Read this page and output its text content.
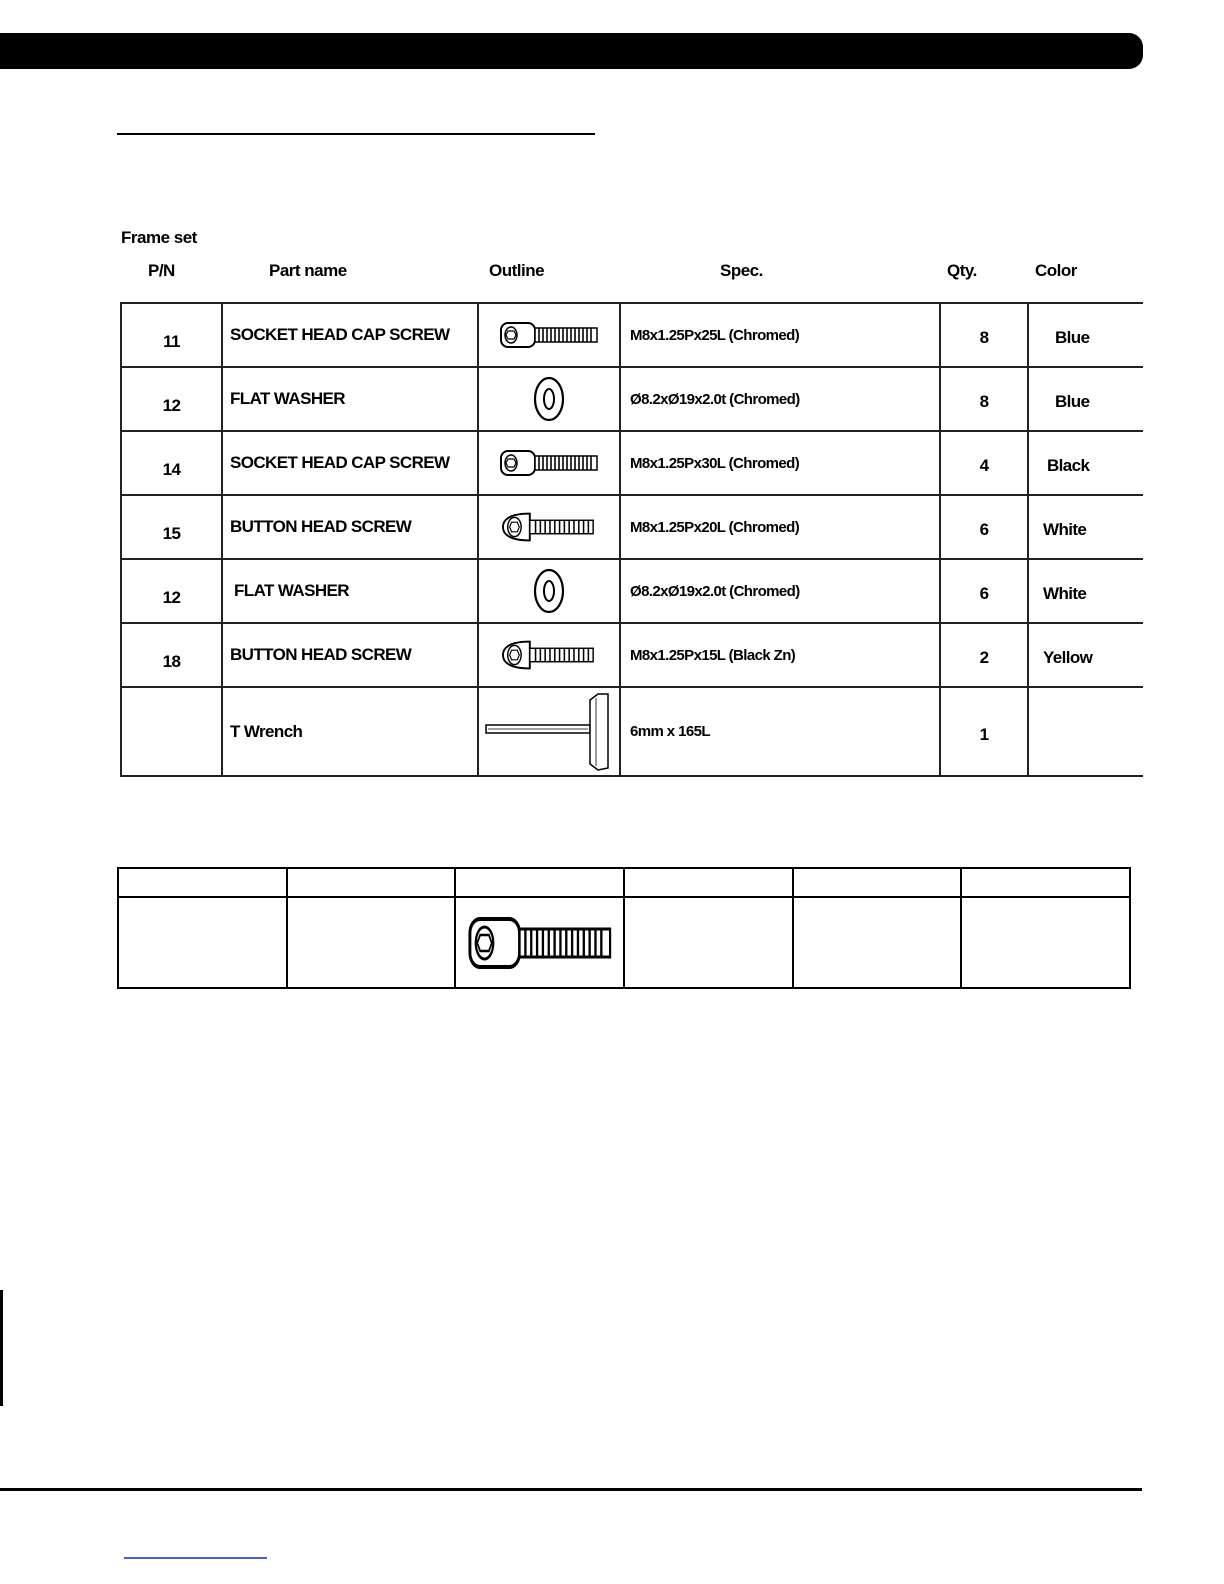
Frame set
P/N	Part name	Outline	Spec.	Qty.	Color
11	SOCKET HEAD CAP SCREW		M8x1.25Px25L (Chromed)	8	Blue
12	FLAT WASHER		Ø8.2xØ19x2.0t (Chromed)	8	Blue
14	SOCKET HEAD CAP SCREW		M8x1.25Px30L (Chromed)	4	Black
15	BUTTON HEAD SCREW		M8x1.25Px20L (Chromed)	6	White
12	FLAT WASHER		Ø8.2xØ19x2.0t (Chromed)	6	White
18	BUTTON HEAD SCREW		M8x1.25Px15L (Black Zn)	2	Yellow
	T Wrench		6mm x 165L	1	
